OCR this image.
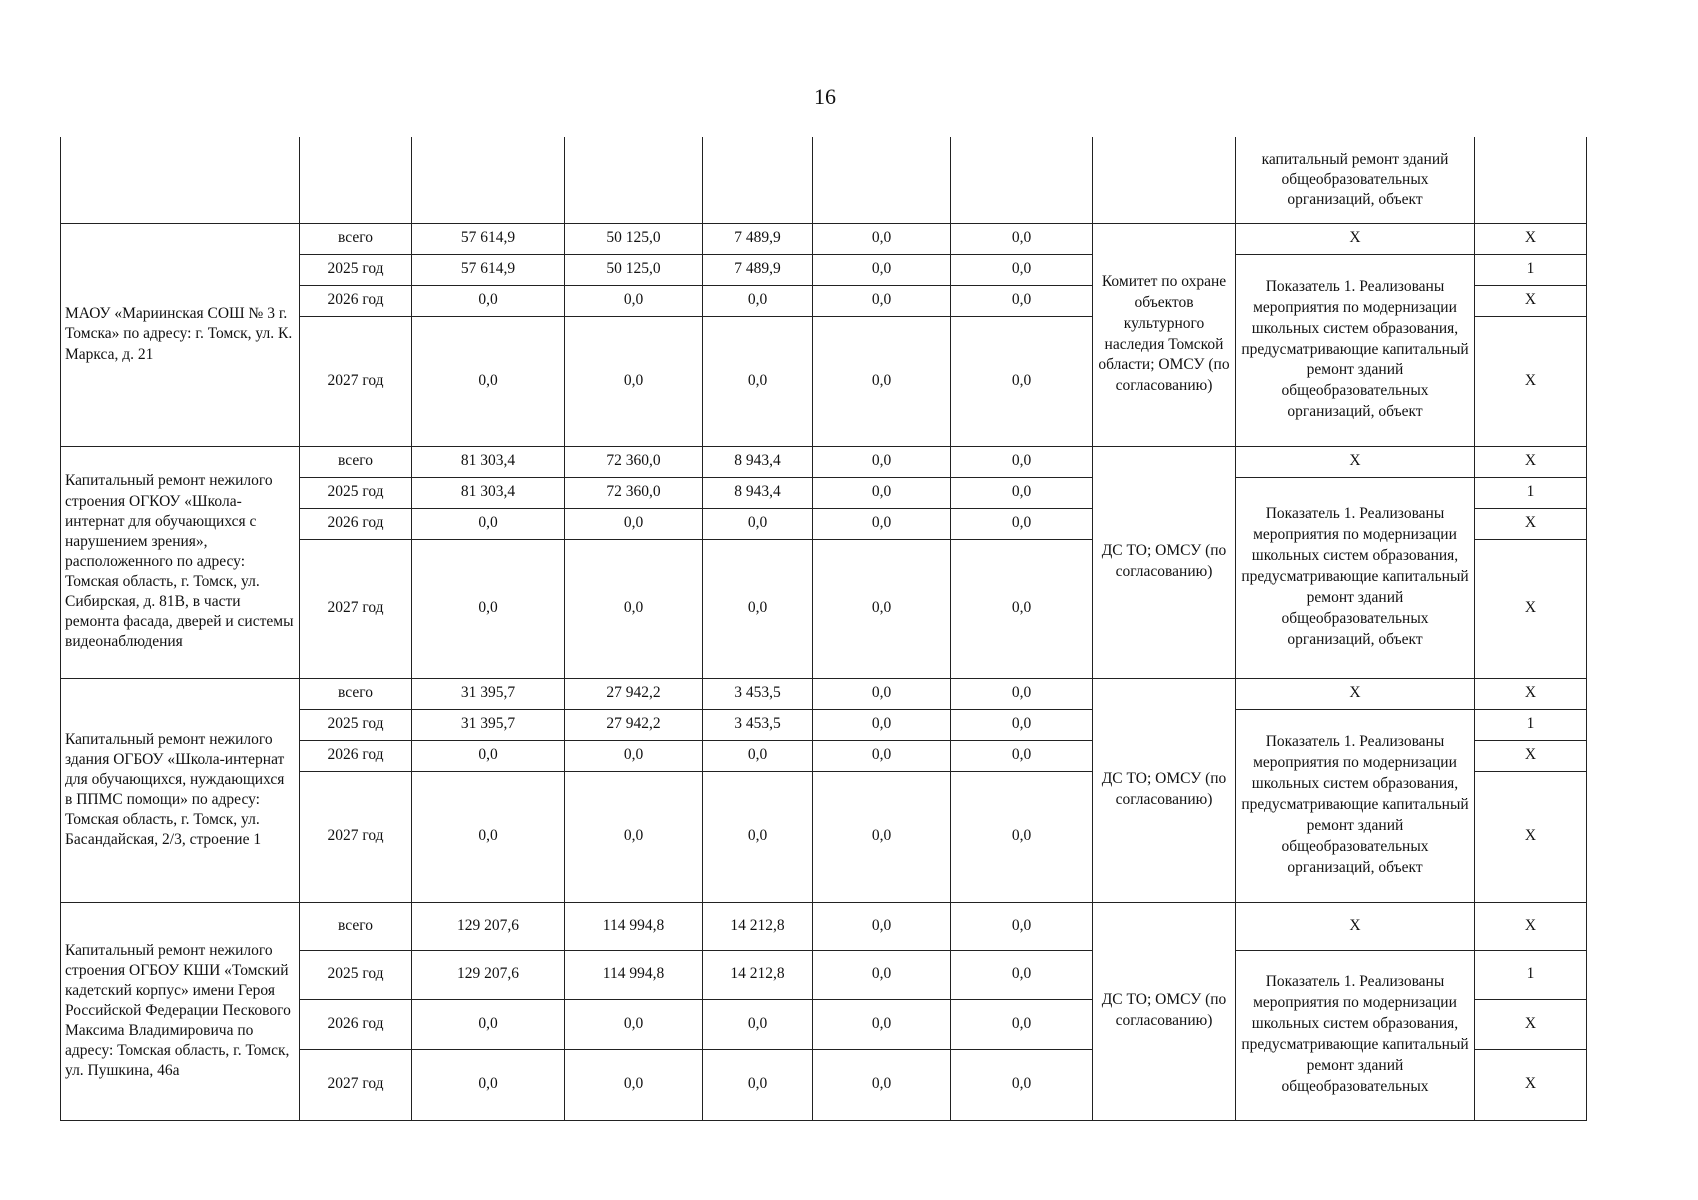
16
								капитальный ремонт зданий общеобразовательных организаций, объект	
МАОУ «Мариинская СОШ № 3 г. Томска» по адресу: г. Томск, ул. К. Маркса, д. 21	всего	57 614,9	50 125,0	7 489,9	0,0	0,0	Комитет по охране объектов культурного наследия Томской области; ОМСУ (по согласованию)	Х	Х
	2025 год	57 614,9	50 125,0	7 489,9	0,0	0,0		Показатель 1. Реализованы мероприятия по модернизации школьных систем образования, предусматривающие капитальный ремонт зданий общеобразовательных организаций, объект	1
	2026 год	0,0	0,0	0,0	0,0	0,0			Х
	2027 год	0,0	0,0	0,0	0,0	0,0			Х
Капитальный ремонт нежилого строения ОГКОУ «Школа-интернат для обучающихся с нарушением зрения», расположенного по адресу: Томская область, г. Томск, ул. Сибирская, д. 81В, в части ремонта фасада, дверей и системы видеонаблюдения	всего	81 303,4	72 360,0	8 943,4	0,0	0,0	ДС ТО; ОМСУ (по согласованию)	Х	Х
	2025 год	81 303,4	72 360,0	8 943,4	0,0	0,0		Показатель 1. Реализованы мероприятия по модернизации школьных систем образования, предусматривающие капитальный ремонт зданий общеобразовательных организаций, объект	1
	2026 год	0,0	0,0	0,0	0,0	0,0			Х
	2027 год	0,0	0,0	0,0	0,0	0,0			Х
Капитальный ремонт нежилого здания ОГБОУ «Школа-интернат для обучающихся, нуждающихся в ППМС помощи» по адресу: Томская область, г. Томск, ул. Басандайская, 2/3, строение 1	всего	31 395,7	27 942,2	3 453,5	0,0	0,0	ДС ТО; ОМСУ (по согласованию)	Х	Х
	2025 год	31 395,7	27 942,2	3 453,5	0,0	0,0		Показатель 1. Реализованы мероприятия по модернизации школьных систем образования, предусматривающие капитальный ремонт зданий общеобразовательных организаций, объект	1
	2026 год	0,0	0,0	0,0	0,0	0,0			Х
	2027 год	0,0	0,0	0,0	0,0	0,0			Х
Капитальный ремонт нежилого строения ОГБОУ КШИ «Томский кадетский корпус» имени Героя Российской Федерации Пескового Максима Владимировича по адресу: Томская область, г. Томск, ул. Пушкина, 46а	всего	129 207,6	114 994,8	14 212,8	0,0	0,0	ДС ТО; ОМСУ (по согласованию)	Х	Х
	2025 год	129 207,6	114 994,8	14 212,8	0,0	0,0		Показатель 1. Реализованы мероприятия по модернизации школьных систем образования, предусматривающие капитальный ремонт зданий общеобразовательных	1
	2026 год	0,0	0,0	0,0	0,0	0,0			Х
	2027 год	0,0	0,0	0,0	0,0	0,0			Х
